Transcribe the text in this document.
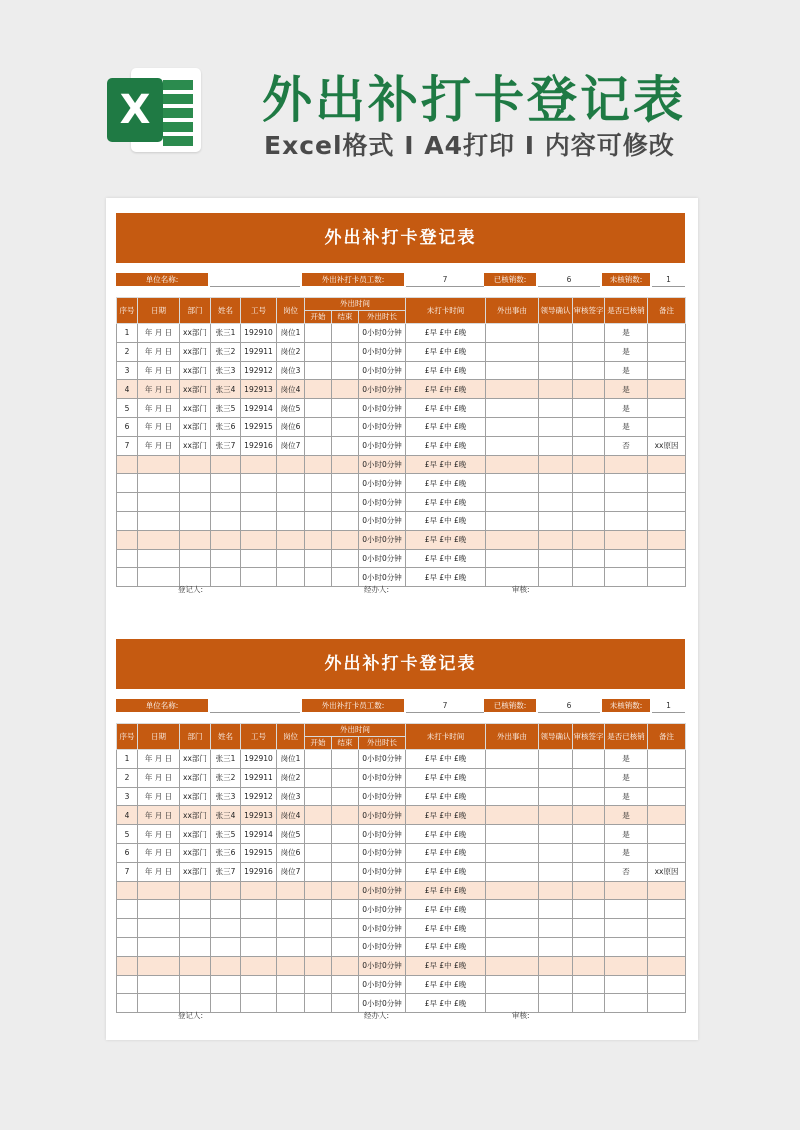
X 外出补打卡登记表
Excel格式 I A4打印 I 内容可修改
外出补打卡登记表
单位名称:	外出补打卡员工数:	7	已核销数:	6	未核销数:	1
序号	日期	部门	姓名	工号	岗位	外出时间			未打卡时间	外出事由	领导确认	审核签字	是否已核销	备注
						开始	结束	外出时长						
1	年 月 日	xx部门	张三1	192910	岗位1			0小时0分钟	£早 £中 £晚				是	
2	年 月 日	xx部门	张三2	192911	岗位2			0小时0分钟	£早 £中 £晚				是	
3	年 月 日	xx部门	张三3	192912	岗位3			0小时0分钟	£早 £中 £晚				是	
4	年 月 日	xx部门	张三4	192913	岗位4			0小时0分钟	£早 £中 £晚				是	
5	年 月 日	xx部门	张三5	192914	岗位5			0小时0分钟	£早 £中 £晚				是	
6	年 月 日	xx部门	张三6	192915	岗位6			0小时0分钟	£早 £中 £晚				是	
7	年 月 日	xx部门	张三7	192916	岗位7			0小时0分钟	£早 £中 £晚				否	xx原因
								0小时0分钟	£早 £中 £晚					
								0小时0分钟	£早 £中 £晚					
								0小时0分钟	£早 £中 £晚					
								0小时0分钟	£早 £中 £晚					
								0小时0分钟	£早 £中 £晚					
								0小时0分钟	£早 £中 £晚					
								0小时0分钟	£早 £中 £晚					
登记人:	经办人:	审核:
外出补打卡登记表
单位名称:	外出补打卡员工数:	7	已核销数:	6	未核销数:	1
序号	日期	部门	姓名	工号	岗位	外出时间			未打卡时间	外出事由	领导确认	审核签字	是否已核销	备注
						开始	结束	外出时长						
1	年 月 日	xx部门	张三1	192910	岗位1			0小时0分钟	£早 £中 £晚				是	
2	年 月 日	xx部门	张三2	192911	岗位2			0小时0分钟	£早 £中 £晚				是	
3	年 月 日	xx部门	张三3	192912	岗位3			0小时0分钟	£早 £中 £晚				是	
4	年 月 日	xx部门	张三4	192913	岗位4			0小时0分钟	£早 £中 £晚				是	
5	年 月 日	xx部门	张三5	192914	岗位5			0小时0分钟	£早 £中 £晚				是	
6	年 月 日	xx部门	张三6	192915	岗位6			0小时0分钟	£早 £中 £晚				是	
7	年 月 日	xx部门	张三7	192916	岗位7			0小时0分钟	£早 £中 £晚				否	xx原因
								0小时0分钟	£早 £中 £晚					
								0小时0分钟	£早 £中 £晚					
								0小时0分钟	£早 £中 £晚					
								0小时0分钟	£早 £中 £晚					
								0小时0分钟	£早 £中 £晚					
								0小时0分钟	£早 £中 £晚					
								0小时0分钟	£早 £中 £晚					
登记人:	经办人:	审核:
